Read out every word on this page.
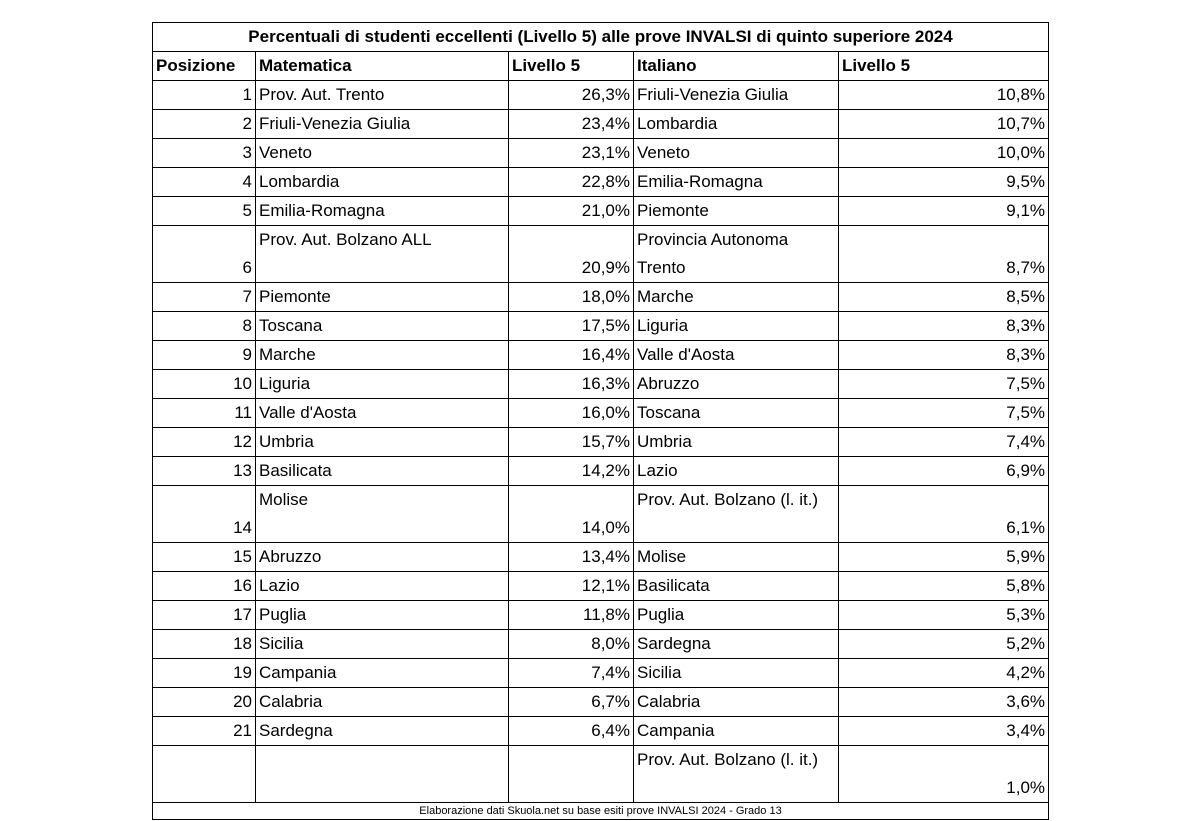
Percentuali di studenti eccellenti (Livello 5) alle prove INVALSI di quinto superiore 2024				
Posizione	Matematica	Livello 5	Italiano	Livello 5
1	Prov. Aut. Trento	26,3%	Friuli-Venezia Giulia	10,8%
2	Friuli-Venezia Giulia	23,4%	Lombardia	10,7%
3	Veneto	23,1%	Veneto	10,0%
4	Lombardia	22,8%	Emilia-Romagna	9,5%
5	Emilia-Romagna	21,0%	Piemonte	9,1%
6	Prov. Aut. Bolzano ALL	20,9%	Provincia Autonoma Trento	8,7%
7	Piemonte	18,0%	Marche	8,5%
8	Toscana	17,5%	Liguria	8,3%
9	Marche	16,4%	Valle d'Aosta	8,3%
10	Liguria	16,3%	Abruzzo	7,5%
11	Valle d'Aosta	16,0%	Toscana	7,5%
12	Umbria	15,7%	Umbria	7,4%
13	Basilicata	14,2%	Lazio	6,9%
14	Molise	14,0%	Prov. Aut. Bolzano (l. it.)	6,1%
15	Abruzzo	13,4%	Molise	5,9%
16	Lazio	12,1%	Basilicata	5,8%
17	Puglia	11,8%	Puglia	5,3%
18	Sicilia	8,0%	Sardegna	5,2%
19	Campania	7,4%	Sicilia	4,2%
20	Calabria	6,7%	Calabria	3,6%
21	Sardegna	6,4%	Campania	3,4%
			Prov. Aut. Bolzano (l. it.)	1,0%
Elaborazione dati Skuola.net su base esiti prove INVALSI 2024 - Grado 13				
